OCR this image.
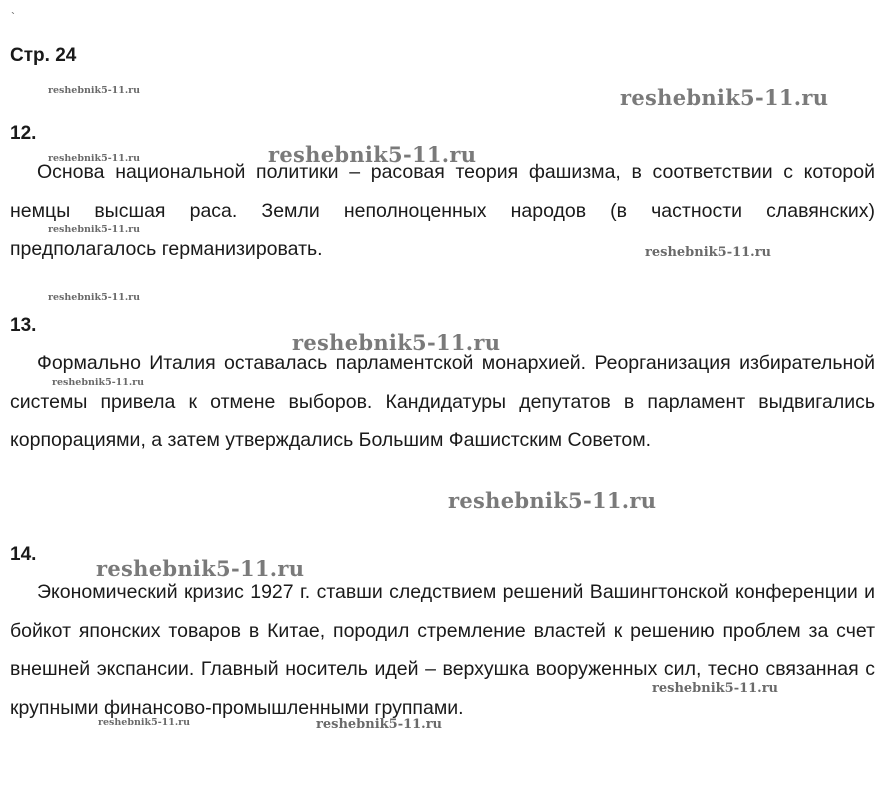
`
Стр. 24
12.

Основа национальной политики – расовая теория фашизма, в соответствии с которой немцы высшая раса. Земли неполноценных народов (в частности славянских) предполагалось германизировать.

13.

Формально Италия оставалась парламентской монархией. Реорганизация избирательной системы привела к отмене выборов. Кандидатуры депутатов в парламент выдвигались корпорациями, а затем утверждались Большим Фашистским Советом.

14.

Экономический кризис 1927 г. ставши следствием решений Вашингтонской конференции и бойкот японских товаров в Китае, породил стремление властей к решению проблем за счет внешней экспансии. Главный носитель идей – верхушка вооруженных сил, тесно связанная с крупными финансово-промышленными группами.

reshebnik5-11.ru	reshebnik5-11.ru
reshebnik5-11.ru
reshebnik5-11.ru
reshebnik5-11.ru
reshebnik5-11.ru
reshebnik5-11.ru
reshebnik5-11.ru
reshebnik5-11.ru
reshebnik5-11.ru
reshebnik5-11.ru
reshebnik5-11.ru
reshebnik5-11.ru
reshebnik5-11.ru
